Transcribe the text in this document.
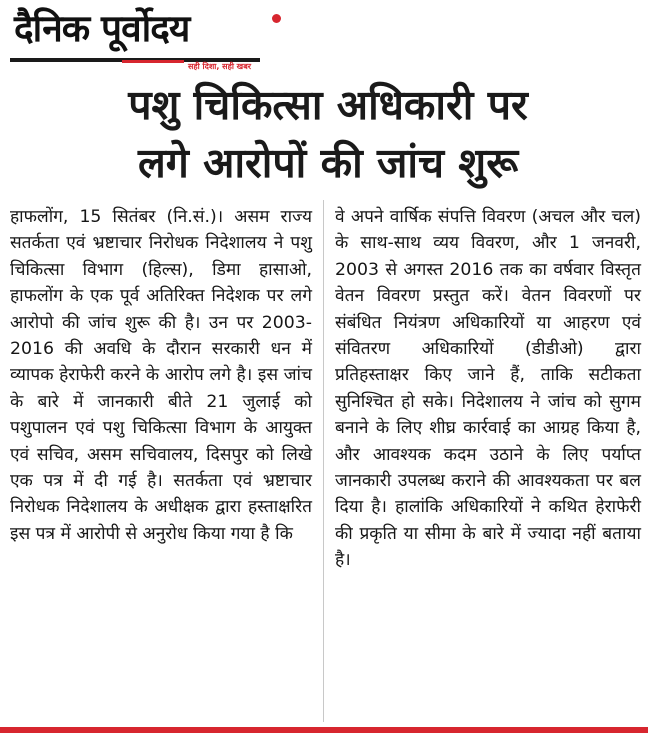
दैनिक पूर्वोदय
सही दिशा, सही खबर
पशु चिकित्सा अधिकारी पर
लगे आरोपों की जांच शुरू
हाफलोंग, 15 सितंबर (नि.सं.)। असम राज्य सतर्कता एवं भ्रष्टाचार निरोधक निदेशालय ने पशु चिकित्सा विभाग (हिल्स), डिमा हासाओ, हाफलोंग के एक पूर्व अतिरिक्त निदेशक पर लगे आरोपो की जांच शुरू की है। उन पर 2003-2016 की अवधि के दौरान सरकारी धन में व्यापक हेराफेरी करने के आरोप लगे है। इस जांच के बारे में जानकारी बीते 21 जुलाई को पशुपालन एवं पशु चिकित्सा विभाग के आयुक्त एवं सचिव, असम सचिवालय, दिसपुर को लिखे एक पत्र में दी गई है। सतर्कता एवं भ्रष्टाचार निरोधक निदेशालय के अधीक्षक द्वारा हस्ताक्षरित इस पत्र में आरोपी से अनुरोध किया गया है कि
वे अपने वार्षिक संपत्ति विवरण (अचल और चल) के साथ-साथ व्यय विवरण, और 1 जनवरी, 2003 से अगस्त 2016 तक का वर्षवार विस्तृत वेतन विवरण प्रस्तुत करें। वेतन विवरणों पर संबंधित नियंत्रण अधिकारियों या आहरण एवं संवितरण अधिकारियों (डीडीओ) द्वारा प्रतिहस्ताक्षर किए जाने हैं, ताकि सटीकता सुनिश्चित हो सके। निदेशालय ने जांच को सुगम बनाने के लिए शीघ्र कार्रवाई का आग्रह किया है, और आवश्यक कदम उठाने के लिए पर्याप्त जानकारी उपलब्ध कराने की आवश्यकता पर बल दिया है। हालांकि अधिकारियों ने कथित हेराफेरी की प्रकृति या सीमा के बारे में ज्यादा नहीं बताया है।
